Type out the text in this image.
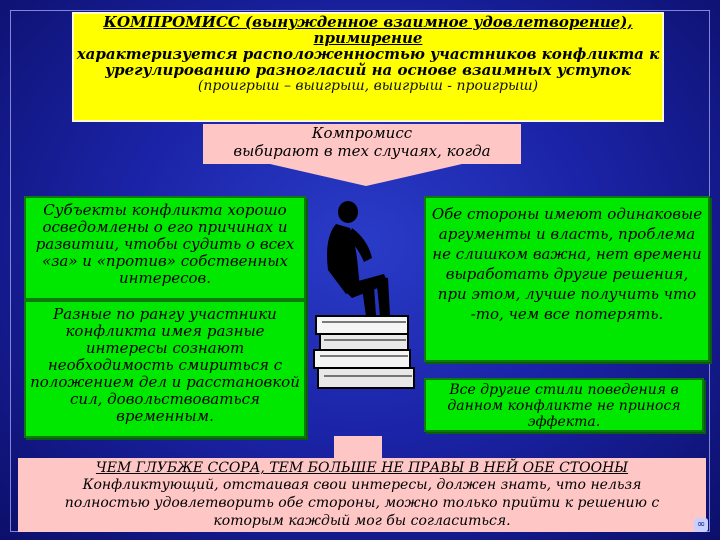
КОМПРОМИСС (вынужденное взаимное удовлетворение),
примирение
характеризуется расположенностью участников конфликта к
урегулированию разногласий на основе взаимных уступок
(проигрыш – выигрыш, выигрыш - проигрыш)
Компромисс
выбирают в тех случаях, когда
Субъекты конфликта хорошо
осведомлены о его причинах и
развитии, чтобы судить о всех
«за» и «против» собственных
интересов.
Разные по рангу участники
конфликта имея разные
интересы сознают
необходимость смириться с
положением дел и расстановкой
сил, довольствоваться
временным.
Обе стороны имеют одинаковые
аргументы и власть, проблема
не слишком важна, нет времени
выработать другие решения,
при этом, лучше получить что
-то, чем все потерять.
Все другие стили поведения в
данном конфликте не принося
эффекта.
ЧЕМ ГЛУБЖЕ ССОРА, ТЕМ БОЛЬШЕ НЕ ПРАВЫ В НЕЙ ОБЕ СТООНЫ
Конфликтующий, отстаивая свои интересы, должен знать, что нельзя
полностью удовлетворить обе стороны, можно только прийти к решению с
которым каждый мог бы согласиться.	∞
